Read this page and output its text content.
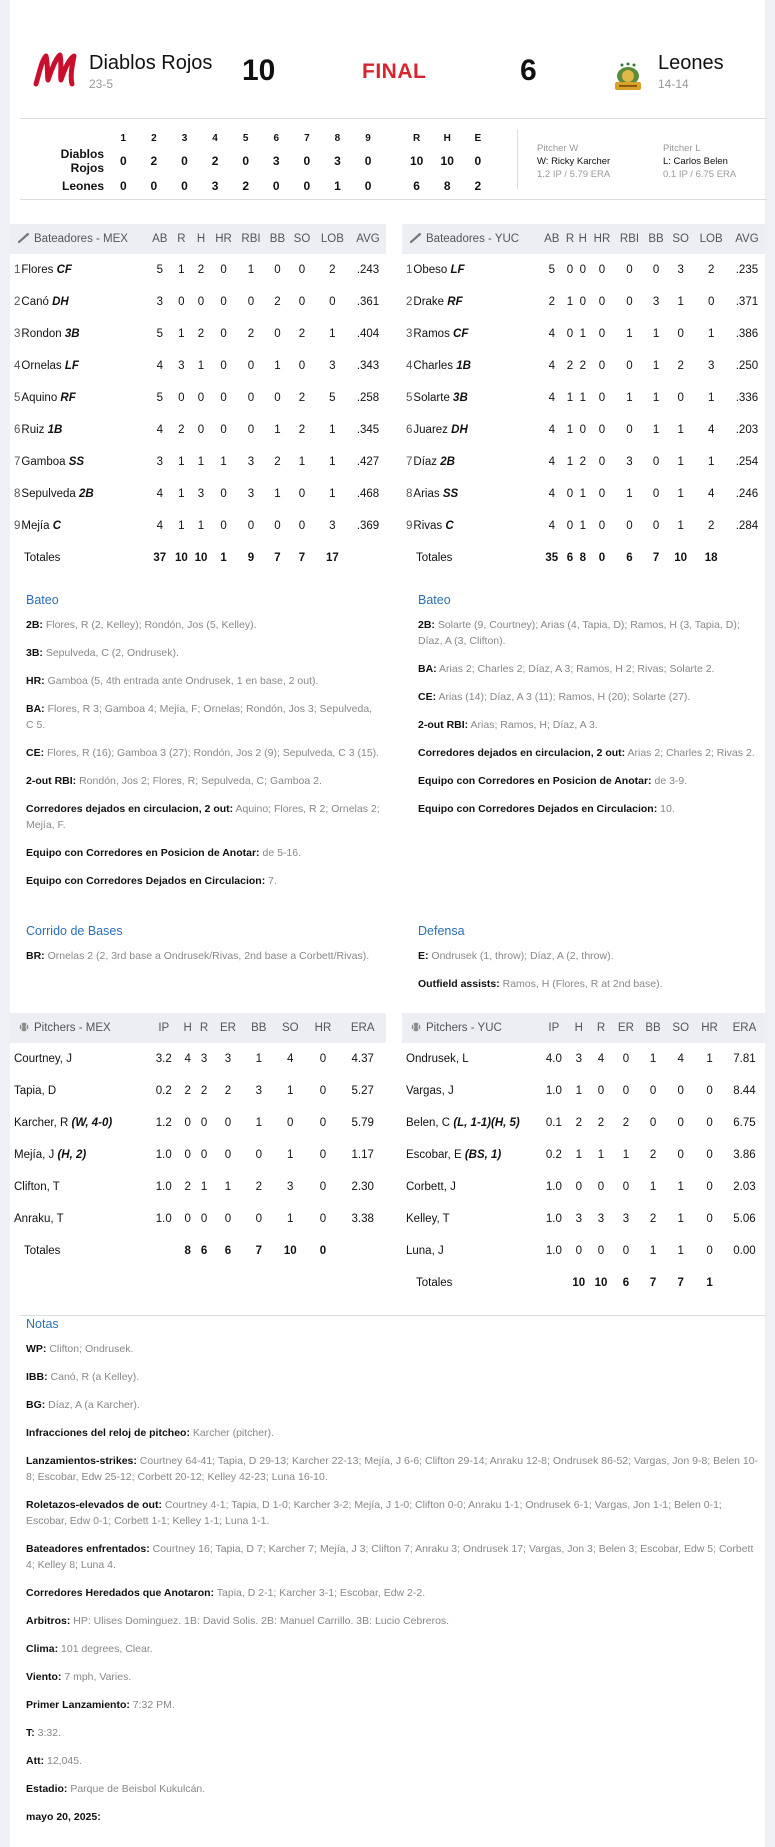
Diablos Rojos
23-5	10	FINAL	6	Leones
14-14
	1	2	3	4	5	6	7	8	9		R	H	E
Diablos Rojos	0	2	0	2	0	3	0	3	0		10	10	0
Leones	0	0	0	3	2	0	0	1	0		6	8	2
Pitcher W
W: Ricky Karcher
1.2 IP / 5.79 ERA
Pitcher L
L: Carlos Belen
0.1 IP / 6.75 ERA
Bateadores - MEX	AB	R	H	HR	RBI	BB	SO	LOB	AVG
1Flores CF	5	1	2	0	1	0	0	2	.243
2Canó DH	3	0	0	0	0	2	0	0	.361
3Rondon 3B	5	1	2	0	2	0	2	1	.404
4Ornelas LF	4	3	1	0	0	1	0	3	.343
5Aquino RF	5	0	0	0	0	0	2	5	.258
6Ruiz 1B	4	2	0	0	0	1	2	1	.345
7Gamboa SS	3	1	1	1	3	2	1	1	.427
8Sepulveda 2B	4	1	3	0	3	1	0	1	.468
9Mejía C	4	1	1	0	0	0	0	3	.369
Totales	37	10	10	1	9	7	7	17	
Bateadores - YUC	AB	R	H	HR	RBI	BB	SO	LOB	AVG
1Obeso LF	5	0	0	0	0	0	3	2	.235
2Drake RF	2	1	0	0	0	3	1	0	.371
3Ramos CF	4	0	1	0	1	1	0	1	.386
4Charles 1B	4	2	2	0	0	1	2	3	.250
5Solarte 3B	4	1	1	0	1	1	0	1	.336
6Juarez DH	4	1	0	0	0	1	1	4	.203
7Díaz 2B	4	1	2	0	3	0	1	1	.254
8Arias SS	4	0	1	0	1	0	1	4	.246
9Rivas C	4	0	1	0	0	0	1	2	.284
Totales	35	6	8	0	6	7	10	18	
Bateo
2B: Flores, R (2, Kelley); Rondón, Jos (5, Kelley).
3B: Sepulveda, C (2, Ondrusek).
HR: Gamboa (5, 4th entrada ante Ondrusek, 1 en base, 2 out).
BA: Flores, R 3; Gamboa 4; Mejía, F; Ornelas; Rondón, Jos 3; Sepulveda, C 5.
CE: Flores, R (16); Gamboa 3 (27); Rondón, Jos 2 (9); Sepulveda, C 3 (15).
2-out RBI: Rondón, Jos 2; Flores, R; Sepulveda, C; Gamboa 2.
Corredores dejados en circulacion, 2 out: Aquino; Flores, R 2; Ornelas 2; Mejía, F.
Equipo con Corredores en Posicion de Anotar: de 5-16.
Equipo con Corredores Dejados en Circulacion: 7.
Corrido de Bases
BR: Ornelas 2 (2, 3rd base a Ondrusek/Rivas, 2nd base a Corbett/Rivas).
Bateo
2B: Solarte (9, Courtney); Arias (4, Tapia, D); Ramos, H (3, Tapia, D); Díaz, A (3, Clifton).
BA: Arias 2; Charles 2; Díaz, A 3; Ramos, H 2; Rivas; Solarte 2.
CE: Arias (14); Díaz, A 3 (11); Ramos, H (20); Solarte (27).
2-out RBI: Arias; Ramos, H; Díaz, A 3.
Corredores dejados en circulacion, 2 out: Arias 2; Charles 2; Rivas 2.
Equipo con Corredores en Posicion de Anotar: de 3-9.
Equipo con Corredores Dejados en Circulacion: 10.
Defensa
E: Ondrusek (1, throw); Díaz, A (2, throw).
Outfield assists: Ramos, H (Flores, R at 2nd base).
Pitchers - MEX	IP	H	R	ER	BB	SO	HR	ERA
Courtney, J	3.2	4	3	3	1	4	0	4.37
Tapia, D	0.2	2	2	2	3	1	0	5.27
Karcher, R (W, 4-0)	1.2	0	0	0	1	0	0	5.79
Mejía, J (H, 2)	1.0	0	0	0	0	1	0	1.17
Clifton, T	1.0	2	1	1	2	3	0	2.30
Anraku, T	1.0	0	0	0	0	1	0	3.38
Totales		8	6	6	7	10	0	
Pitchers - YUC	IP	H	R	ER	BB	SO	HR	ERA
Ondrusek, L	4.0	3	4	0	1	4	1	7.81
Vargas, J	1.0	1	0	0	0	0	0	8.44
Belen, C (L, 1-1)(H, 5)	0.1	2	2	2	0	0	0	6.75
Escobar, E (BS, 1)	0.2	1	1	1	2	0	0	3.86
Corbett, J	1.0	0	0	0	1	1	0	2.03
Kelley, T	1.0	3	3	3	2	1	0	5.06
Luna, J	1.0	0	0	0	1	1	0	0.00
Totales		10	10	6	7	7	1	
Notas
WP: Clifton; Ondrusek.
IBB: Canó, R (a Kelley).
BG: Díaz, A (a Karcher).
Infracciones del reloj de pitcheo: Karcher (pitcher).
Lanzamientos-strikes: Courtney 64-41; Tapia, D 29-13; Karcher 22-13; Mejía, J 6-6; Clifton 29-14; Anraku 12-8; Ondrusek 86-52; Vargas, Jon 9-8; Belen 10-8; Escobar, Edw 25-12; Corbett 20-12; Kelley 42-23; Luna 16-10.
Roletazos-elevados de out: Courtney 4-1; Tapia, D 1-0; Karcher 3-2; Mejía, J 1-0; Clifton 0-0; Anraku 1-1; Ondrusek 6-1; Vargas, Jon 1-1; Belen 0-1; Escobar, Edw 0-1; Corbett 1-1; Kelley 1-1; Luna 1-1.
Bateadores enfrentados: Courtney 16; Tapia, D 7; Karcher 7; Mejía, J 3; Clifton 7; Anraku 3; Ondrusek 17; Vargas, Jon 3; Belen 3; Escobar, Edw 5; Corbett 4; Kelley 8; Luna 4.
Corredores Heredados que Anotaron: Tapia, D 2-1; Karcher 3-1; Escobar, Edw 2-2.
Arbitros: HP: Ulises Dominguez. 1B: David Solis. 2B: Manuel Carrillo. 3B: Lucio Cebreros.
Clima: 101 degrees, Clear.
Viento: 7 mph, Varies.
Primer Lanzamiento: 7:32 PM.
T: 3:32.
Att: 12,045.
Estadio: Parque de Beisbol Kukulcán.
mayo 20, 2025:
